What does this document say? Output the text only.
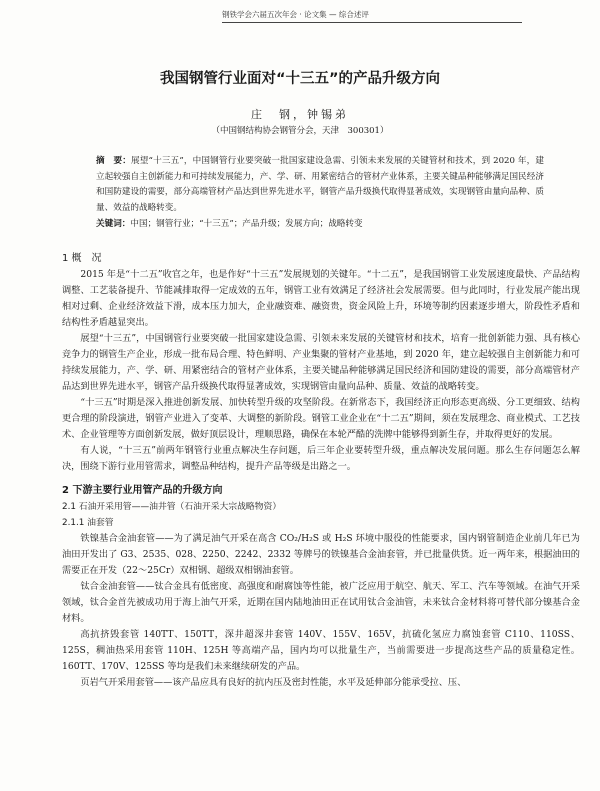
钢铁学会六届五次年会 · 论文集 — 综合述评
我国钢管行业面对“十三五”的产品升级方向
庄　钢，钟锡弟
（中国钢结构协会钢管分会，天津　300301）
摘　要：展望“十三五”，中国钢管行业要突破一批国家建设急需、引领未来发展的关键管材和技术，到 2020 年，建立起较强自主创新能力和可持续发展能力，产、学、研、用紧密结合的管材产业体系，主要关键品种能够满足国民经济和国防建设的需要，部分高端管材产品达到世界先进水平，钢管产品升级换代取得显著成效，实现钢管由量向品种、质量、效益的战略转变。
关键词：中国；钢管行业；“十三五”；产品升级；发展方向；战略转变
1 概　况

2015 年是“十二五”收官之年，也是作好“十三五”发展规划的关键年。“十二五”，是我国钢管工业发展速度最快、产品结构调整、工艺装备提升、节能减排取得一定成效的五年，钢管工业有效满足了经济社会发展需要。但与此同时，行业发展产能出现相对过剩、企业经济效益下滑，成本压力加大，企业融资难、融资贵，资金风险上升，环境等制约因素逐步增大，阶段性矛盾和结构性矛盾越显突出。

展望“十三五”，中国钢管行业要突破一批国家建设急需、引领未来发展的关键管材和技术，培育一批创新能力强、具有核心竞争力的钢管生产企业，形成一批布局合理、特色鲜明、产业集聚的管材产业基地，到 2020 年，建立起较强自主创新能力和可持续发展能力，产、学、研、用紧密结合的管材产业体系，主要关键品种能够满足国民经济和国防建设的需要，部分高端管材产品达到世界先进水平，钢管产品升级换代取得显著成效，实现钢管由量向品种、质量、效益的战略转变。

“十三五”时期是深入推进创新发展、加快转型升级的攻坚阶段。在新常态下，我国经济正向形态更高级、分工更细致、结构更合理的阶段演进，钢管产业进入了变革、大调整的新阶段。钢管工业企业在“十二五”期间，须在发展理念、商业模式、工艺技术、企业管理等方面创新发展，做好顶层设计，理顺思路，确保在本轮严酷的洗牌中能够得到新生存，并取得更好的发展。

有人说，“十三五”前两年钢管行业重点解决生存问题，后三年企业要转型升级，重点解决发展问题。那么生存问题怎么解决，围绕下游行业用管需求，调整品种结构，提升产品等级是出路之一。

2 下游主要行业用管产品的升级方向
2.1 石油开采用管——油井管（石油开采大宗战略物资）
2.1.1 油套管

铁镍基合金油套管——为了满足油气开采在高含 CO₂/H₂S 或 H₂S 环境中服役的性能要求，国内钢管制造企业前几年已为油田开发出了 G3、2535、028、2250、2242、2332 等牌号的铁镍基合金油套管，并已批量供货。近一两年来，根据油田的需要正在开发（22～25Cr）双相钢、超级双相钢油套管。

钛合金油套管——钛合金具有低密度、高强度和耐腐蚀等性能，被广泛应用于航空、航天、军工、汽车等领域。在油气开采领域，钛合金首先被成功用于海上油气开采，近期在国内陆地油田正在试用钛合金油管，未来钛合金材料将可替代部分镍基合金材料。

高抗挤毁套管 140TT、150TT，深井超深井套管 140V、155V、165V，抗硫化氢应力腐蚀套管 C110、110SS、125S，稠油热采用套管 110H、125H 等高端产品，国内均可以批量生产，当前需要进一步提高这些产品的质量稳定性。160TT、170V、125SS 等均是我们未来继续研发的产品。

页岩气开采用套管——该产品应具有良好的抗内压及密封性能，水平及延伸部分能承受拉、压、
